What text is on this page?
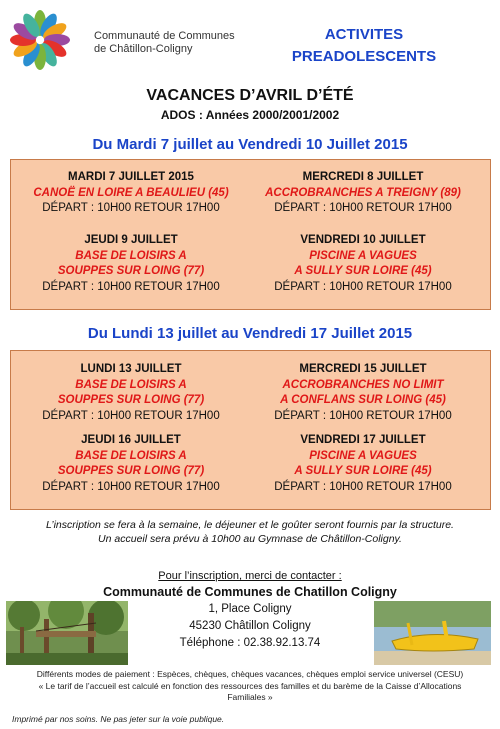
Communauté de Communes
de Châtillon-Coligny
ACTIVITES
PREADOLESCENTS
VACANCES D’AVRIL D’ÉTÉ
ADOS : Années 2000/2001/2002
Du Mardi 7 juillet au Vendredi 10 Juillet 2015
MARDI 7 JUILLET 2015
CANOË EN LOIRE A BEAULIEU (45)
DÉPART : 10H00 RETOUR 17H00
MERCREDI 8 JUILLET
ACCROBRANCHES A TREIGNY (89)
DÉPART : 10H00 RETOUR 17H00
JEUDI 9 JUILLET
BASE DE LOISIRS A
SOUPPES SUR LOING (77)
DÉPART : 10H00 RETOUR 17H00
VENDREDI 10 JUILLET
PISCINE A VAGUES
A SULLY SUR LOIRE (45)
DÉPART : 10H00 RETOUR 17H00
Du Lundi 13 juillet au Vendredi 17 Juillet 2015
LUNDI 13 JUILLET
BASE DE LOISIRS A
SOUPPES SUR LOING (77)
DÉPART : 10H00 RETOUR 17H00
MERCREDI 15 JUILLET
ACCROBRANCHES NO LIMIT
A CONFLANS SUR LOING (45)
DÉPART : 10H00 RETOUR 17H00
JEUDI 16 JUILLET
BASE DE LOISIRS A
SOUPPES SUR LOING (77)
DÉPART : 10H00 RETOUR 17H00
VENDREDI 17 JUILLET
PISCINE A VAGUES
A SULLY SUR LOIRE (45)
DÉPART : 10H00 RETOUR 17H00
L’inscription se fera à la semaine, le déjeuner et le goûter seront fournis par la structure.
Un accueil sera prévu à 10h00 au Gymnase de Châtillon-Coligny.
Pour l’inscription, merci de contacter :
Communauté de Communes de Chatillon Coligny
1, Place Coligny
45230 Châtillon Coligny
Téléphone : 02.38.92.13.74
Différents modes de paiement : Espèces, chèques, chèques vacances, chèques emploi service universel (CESU)
« Le tarif de l’accueil est calculé en fonction des ressources des familles et du barème de la Caisse d’Allocations
Familiales »
Imprimé par nos soins. Ne pas jeter sur la voie publique.
